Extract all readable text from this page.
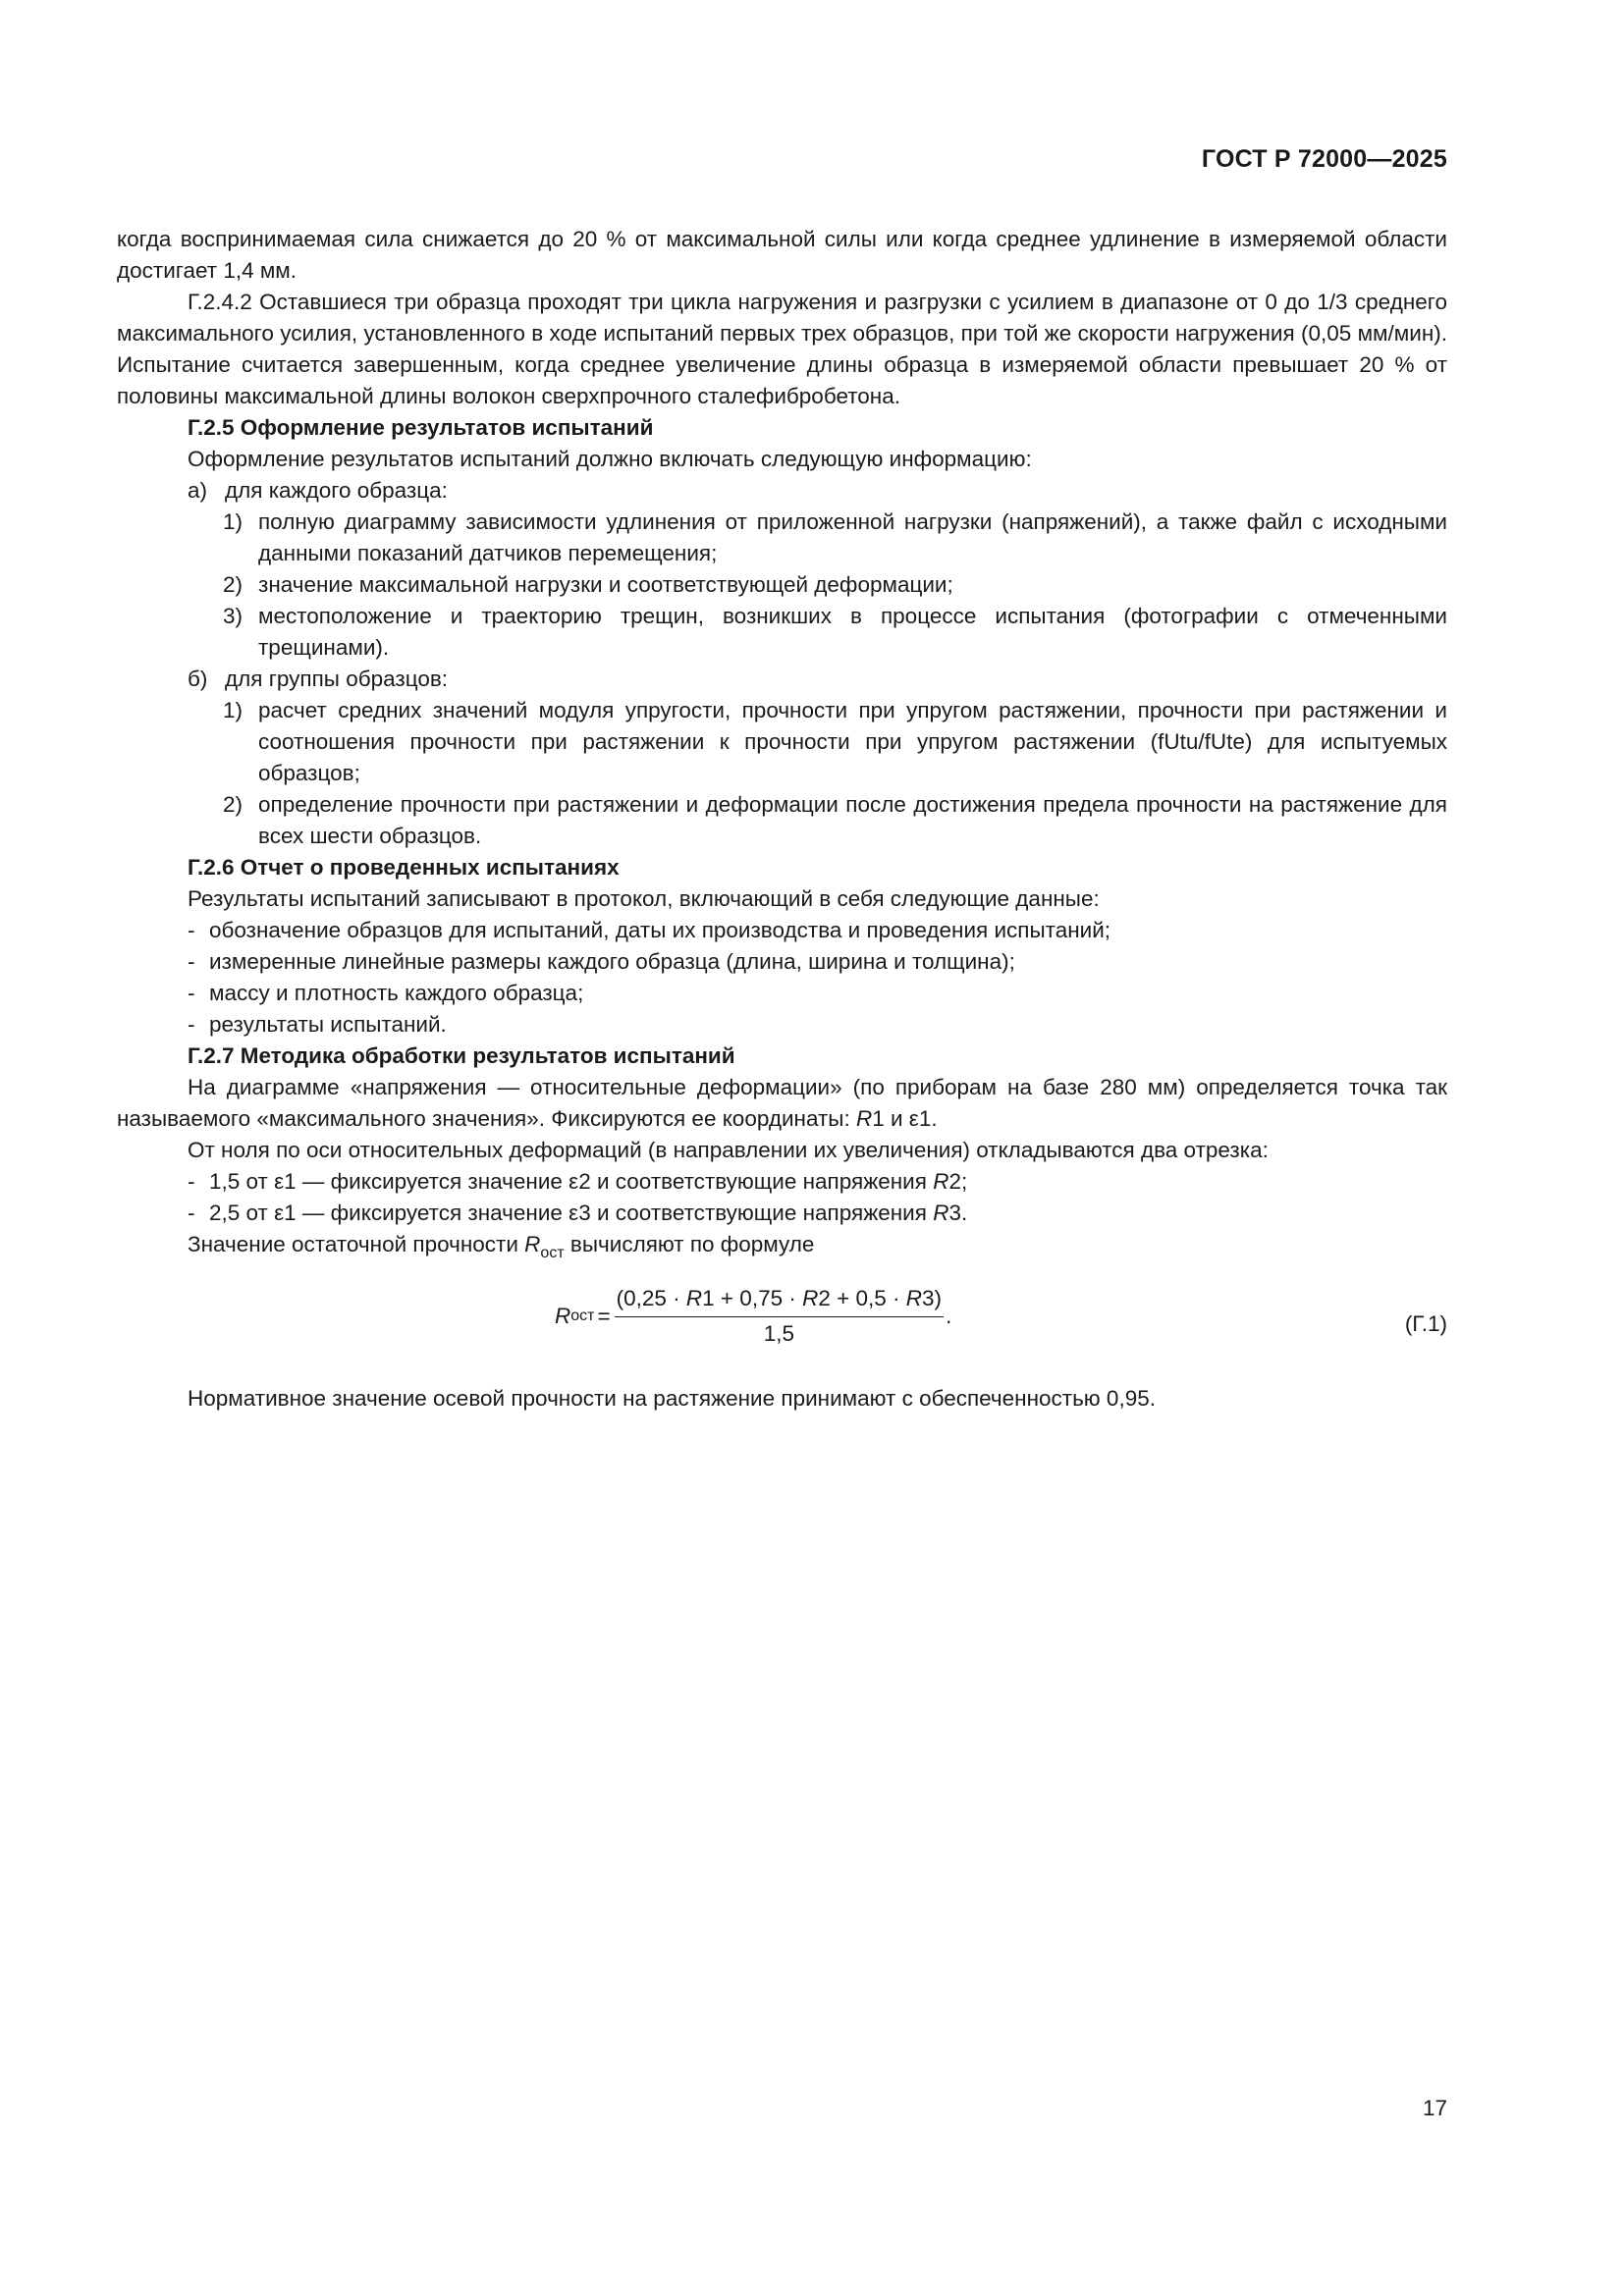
ГОСТ Р 72000—2025

когда воспринимаемая сила снижается до 20 % от максимальной силы или когда среднее удлинение в измеряемой области достигает 1,4 мм.

Г.2.4.2 Оставшиеся три образца проходят три цикла нагружения и разгрузки с усилием в диапазоне от 0 до 1/3 среднего максимального усилия, установленного в ходе испытаний первых трех образцов, при той же скорости нагружения (0,05 мм/мин). Испытание считается завершенным, когда среднее увеличение длины образца в измеряемой области превышает 20 % от половины максимальной длины волокон сверхпрочного сталефибробетона.

Г.2.5 Оформление результатов испытаний

Оформление результатов испытаний должно включать следующую информацию:

а) для каждого образца:
1) полную диаграмму зависимости удлинения от приложенной нагрузки (напряжений), а также файл с исходными данными показаний датчиков перемещения;
2) значение максимальной нагрузки и соответствующей деформации;
3) местоположение и траекторию трещин, возникших в процессе испытания (фотографии с отмеченными трещинами).
б) для группы образцов:
1) расчет средних значений модуля упругости, прочности при упругом растяжении, прочности при растяжении и соотношения прочности при растяжении к прочности при упругом растяжении (fUtu/fUte) для испытуемых образцов;
2) определение прочности при растяжении и деформации после достижения предела прочности на растяжение для всех шести образцов.

Г.2.6 Отчет о проведенных испытаниях

Результаты испытаний записывают в протокол, включающий в себя следующие данные:

- обозначение образцов для испытаний, даты их производства и проведения испытаний;
- измеренные линейные размеры каждого образца (длина, ширина и толщина);
- массу и плотность каждого образца;
- результаты испытаний.

Г.2.7 Методика обработки результатов испытаний

На диаграмме «напряжения — относительные деформации» (по приборам на базе 280 мм) определяется точка так называемого «максимального значения». Фиксируются ее координаты: R1 и ε1.

От ноля по оси относительных деформаций (в направлении их увеличения) откладываются два отрезка:

- 1,5 от ε1 — фиксируется значение ε2 и соответствующие напряжения R2;
- 2,5 от ε1 — фиксируется значение ε3 и соответствующие напряжения R3.

Значение остаточной прочности $R_{ост}$ вычисляют по формуле

R ост = $\frac{(0,25 \cdot R1 + 0,75 \cdot R2 + 0,5 \cdot R3)}{1,5}$ .	(Г.1)

Нормативное значение осевой прочности на растяжение принимают с обеспеченностью 0,95.

17
